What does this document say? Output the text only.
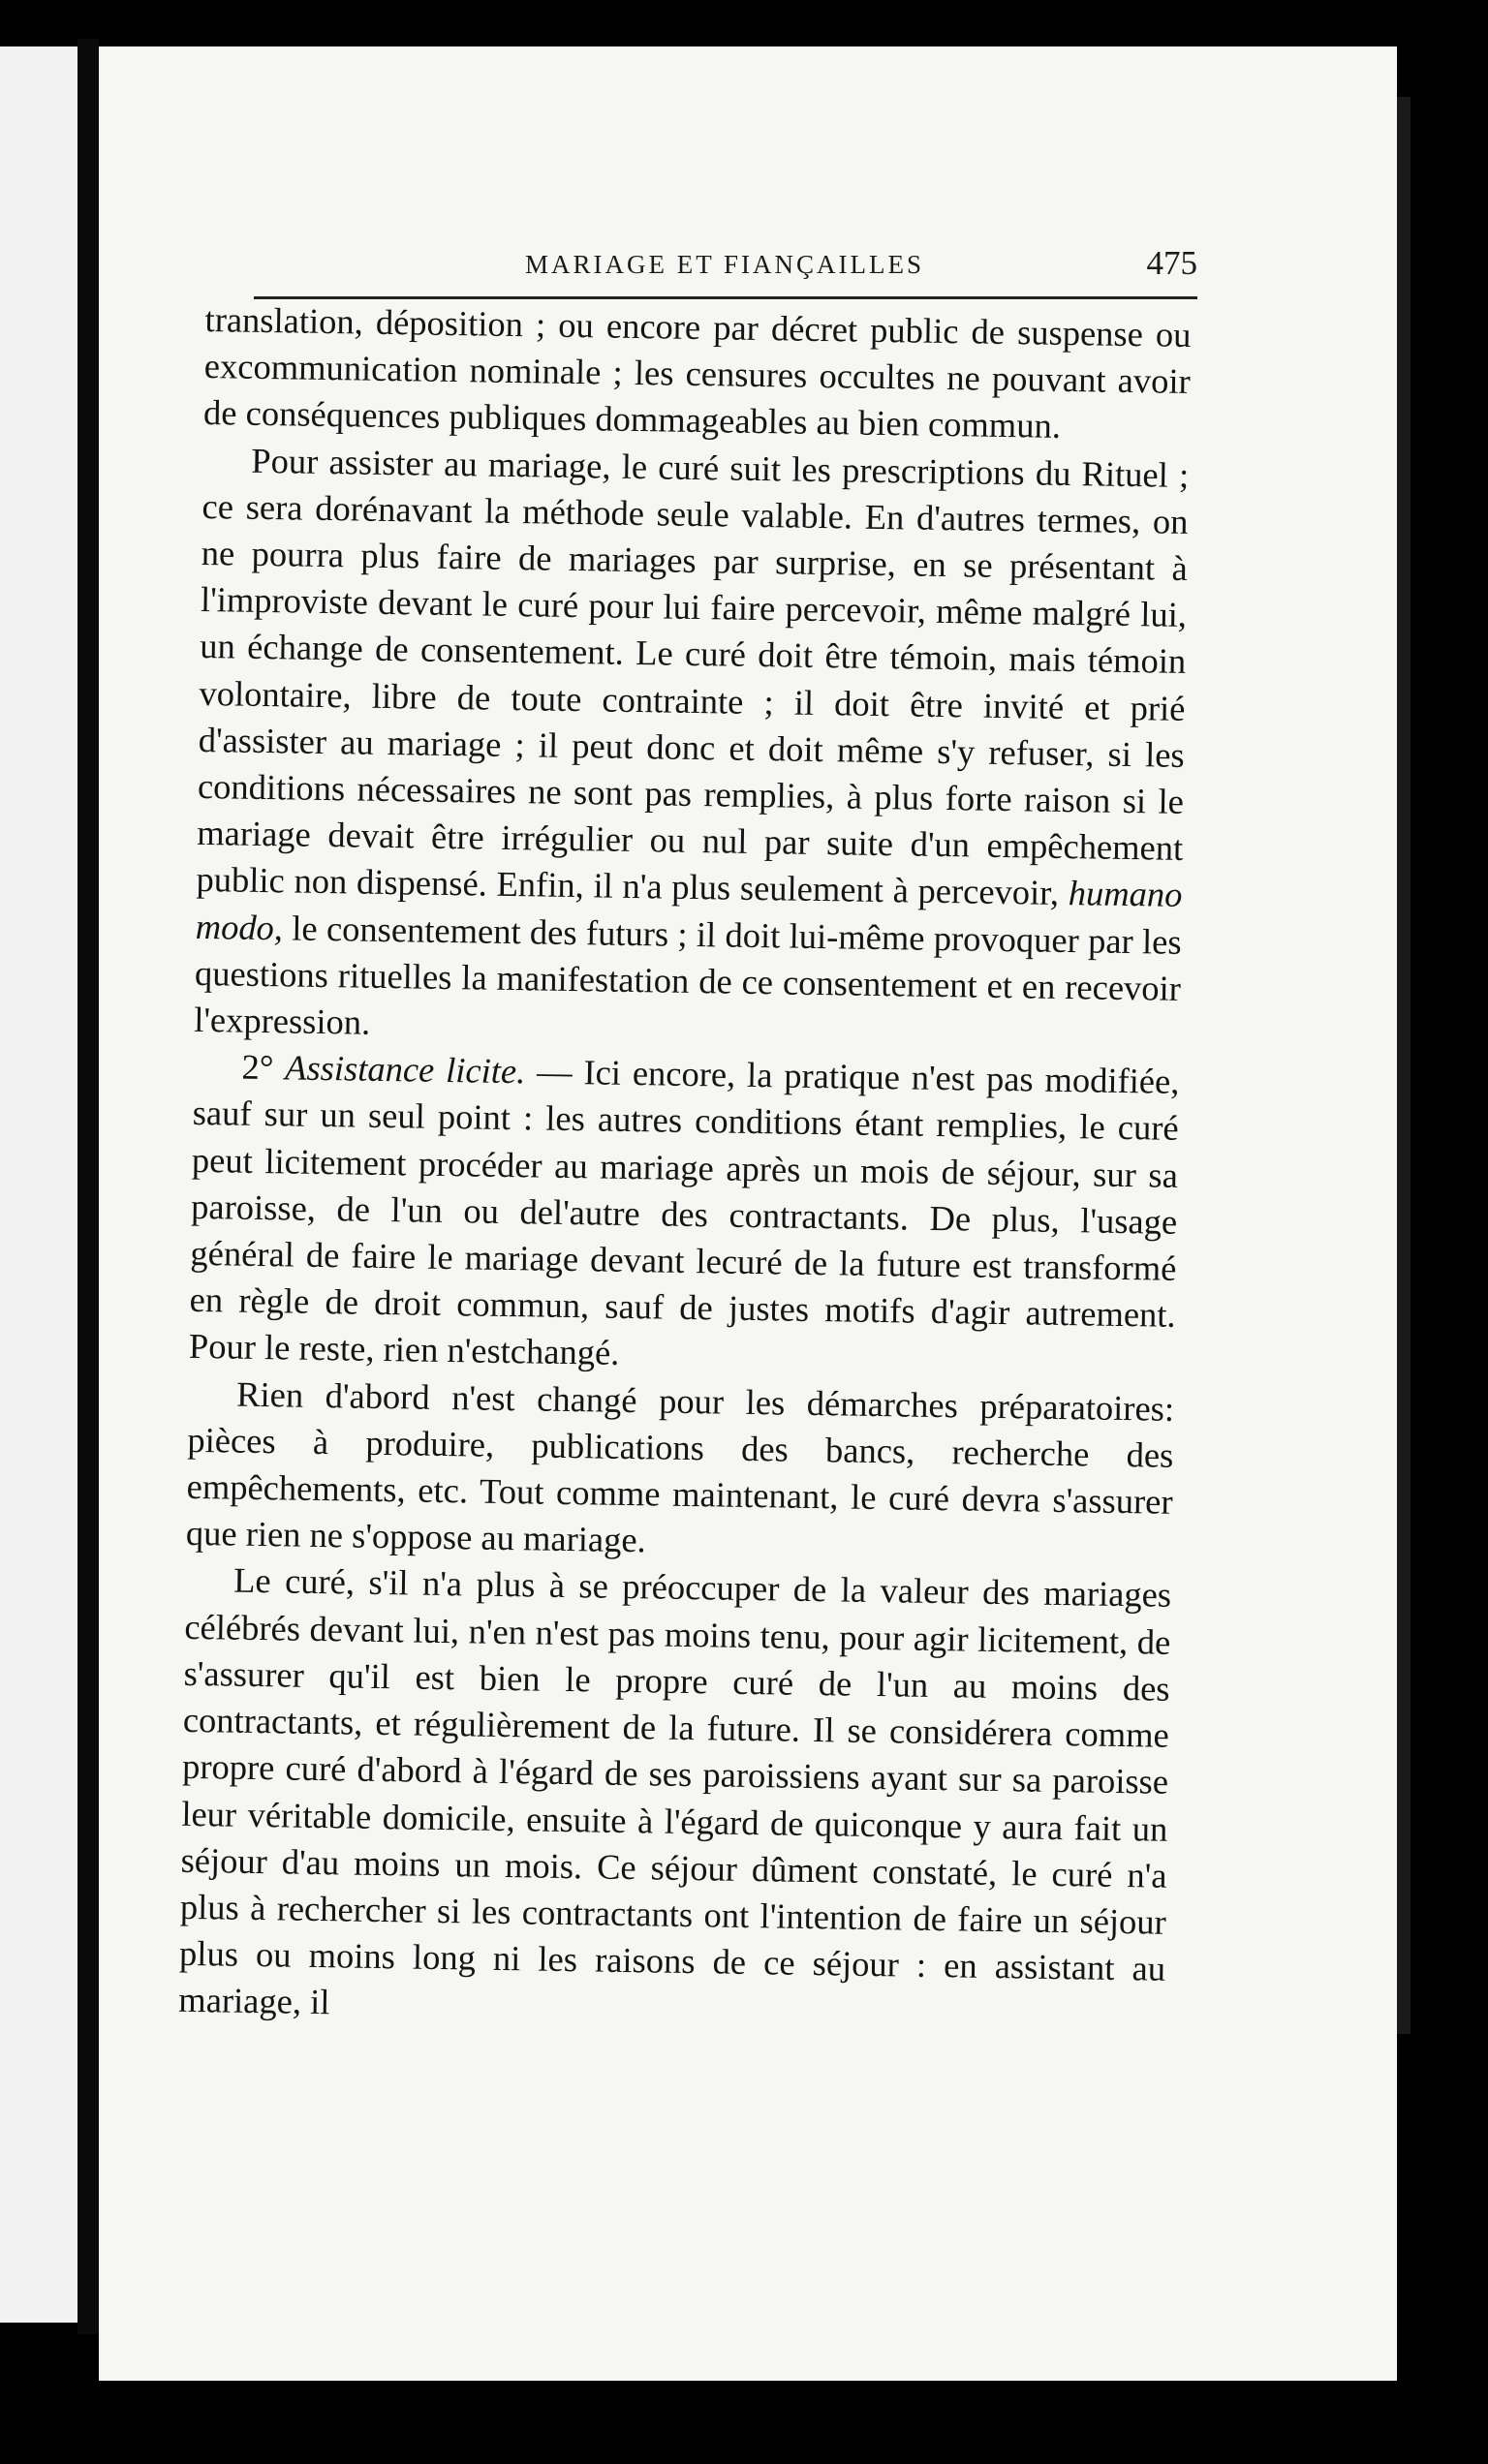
MARIAGE ET FIANÇAILLES	475

translation, déposition ; ou encore par décret public de suspense ou excommunication nominale ; les censures occultes ne pouvant avoir de conséquences publiques dommageables au bien commun.

Pour assister au mariage, le curé suit les prescriptions du Rituel ; ce sera dorénavant la méthode seule valable. En d'autres termes, on ne pourra plus faire de mariages par surprise, en se présentant à l'improviste devant le curé pour lui faire percevoir, même malgré lui, un échange de consentement. Le curé doit être témoin, mais témoin volontaire, libre de toute contrainte ; il doit être invité et prié d'assister au mariage ; il peut donc et doit même s'y refuser, si les conditions nécessaires ne sont pas remplies, à plus forte raison si le mariage devait être irrégulier ou nul par suite d'un empêchement public non dispensé. Enfin, il n'a plus seulement à percevoir, humano modo, le consentement des futurs ; il doit lui-même provoquer par les questions rituelles la manifestation de ce consentement et en recevoir l'expression.

2° Assistance licite. — Ici encore, la pratique n'est pas modifiée, sauf sur un seul point : les autres conditions étant remplies, le curé peut licitement procéder au mariage après un mois de séjour, sur sa paroisse, de l'un ou del'autre des contractants. De plus, l'usage général de faire le mariage devant lecuré de la future est transformé en règle de droit commun, sauf de justes motifs d'agir autrement. Pour le reste, rien n'estchangé.

Rien d'abord n'est changé pour les démarches préparatoires: pièces à produire, publications des bancs, recherche des empêchements, etc. Tout comme maintenant, le curé devra s'assurer que rien ne s'oppose au mariage.

Le curé, s'il n'a plus à se préoccuper de la valeur des mariages célébrés devant lui, n'en n'est pas moins tenu, pour agir licitement, de s'assurer qu'il est bien le propre curé de l'un au moins des contractants, et régulièrement de la future. Il se considérera comme propre curé d'abord à l'égard de ses paroissiens ayant sur sa paroisse leur véritable domicile, ensuite à l'égard de quiconque y aura fait un séjour d'au moins un mois. Ce séjour dûment constaté, le curé n'a plus à rechercher si les contractants ont l'intention de faire un séjour plus ou moins long ni les raisons de ce séjour : en assistant au mariage, il
